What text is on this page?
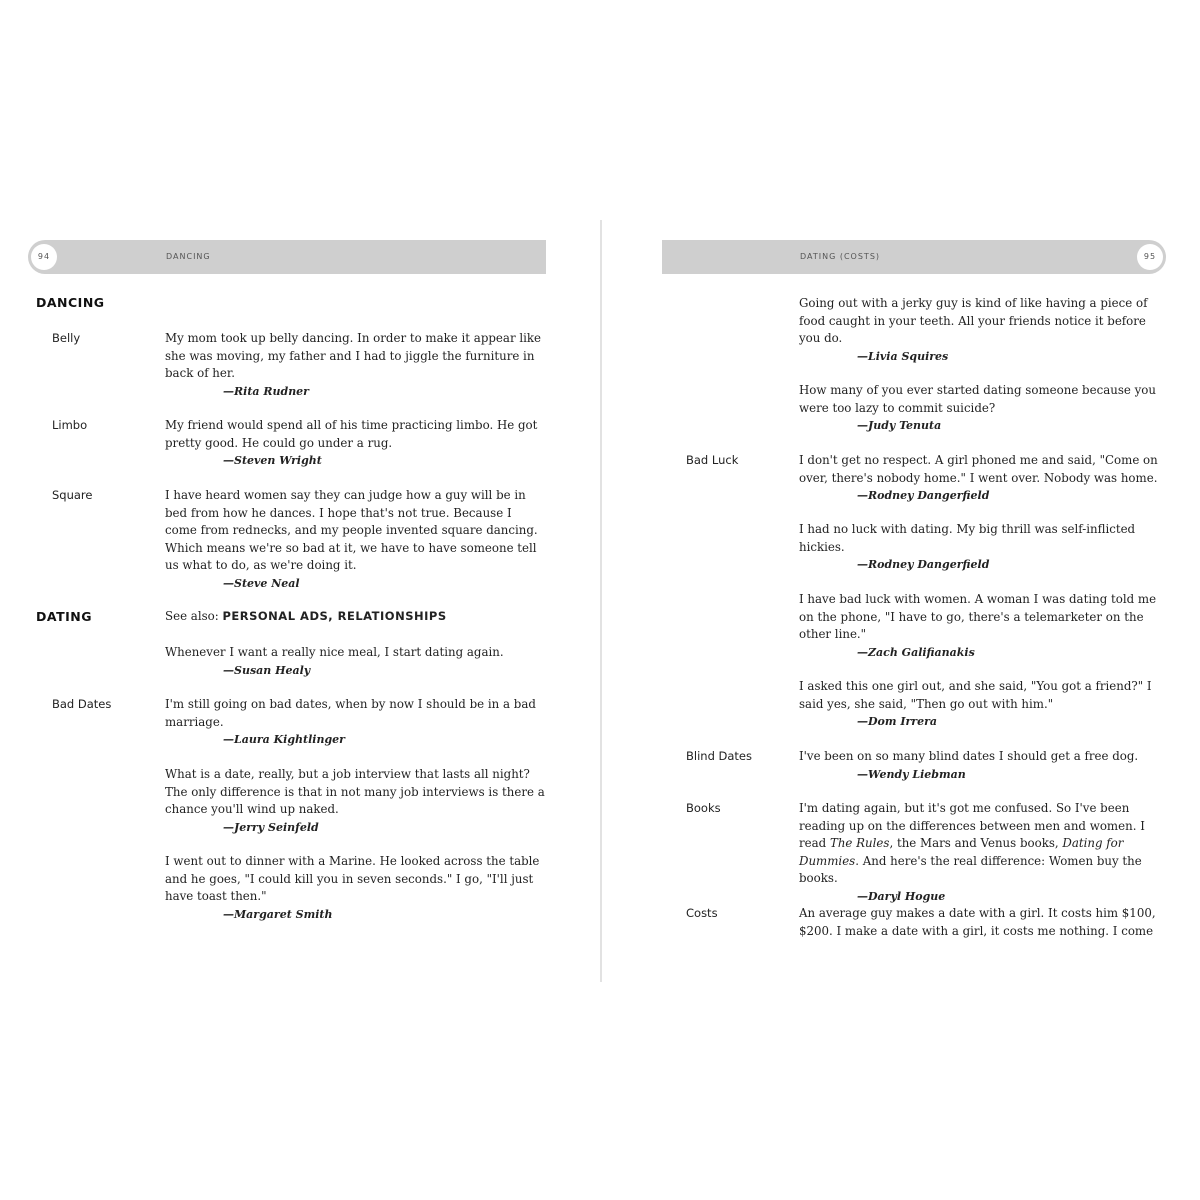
94	DANCING
DANCING
Belly	My mom took up belly dancing. In order to make it appear like she was moving, my father and I had to jiggle the furniture in back of her.
—Rita Rudner
Limbo	My friend would spend all of his time practicing limbo. He got pretty good. He could go under a rug.
—Steven Wright
Square	I have heard women say they can judge how a guy will be in bed from how he dances. I hope that's not true. Because I come from rednecks, and my people invented square dancing. Which means we're so bad at it, we have to have someone tell us what to do, as we're doing it.
—Steve Neal
DATING	See also: PERSONAL ADS, RELATIONSHIPS
Whenever I want a really nice meal, I start dating again.
—Susan Healy
Bad Dates	I'm still going on bad dates, when by now I should be in a bad marriage.
—Laura Kightlinger
What is a date, really, but a job interview that lasts all night? The only difference is that in not many job interviews is there a chance you'll wind up naked.
—Jerry Seinfeld
I went out to dinner with a Marine. He looked across the table and he goes, "I could kill you in seven seconds." I go, "I'll just have toast then."
—Margaret Smith
DATING (COSTS)	95
Going out with a jerky guy is kind of like having a piece of food caught in your teeth. All your friends notice it before you do.
—Livia Squires
How many of you ever started dating someone because you were too lazy to commit suicide?
—Judy Tenuta
Bad Luck	I don't get no respect. A girl phoned me and said, "Come on over, there's nobody home." I went over. Nobody was home.
—Rodney Dangerfield
I had no luck with dating. My big thrill was self-inflicted hickies.
—Rodney Dangerfield
I have bad luck with women. A woman I was dating told me on the phone, "I have to go, there's a telemarketer on the other line."
—Zach Galifianakis
I asked this one girl out, and she said, "You got a friend?" I said yes, she said, "Then go out with him."
—Dom Irrera
Blind Dates	I've been on so many blind dates I should get a free dog.
—Wendy Liebman
Books	I'm dating again, but it's got me confused. So I've been reading up on the differences between men and women. I read The Rules, the Mars and Venus books, Dating for Dummies. And here's the real difference: Women buy the books.
—Daryl Hogue
Costs	An average guy makes a date with a girl. It costs him $100, $200. I make a date with a girl, it costs me nothing. I come
